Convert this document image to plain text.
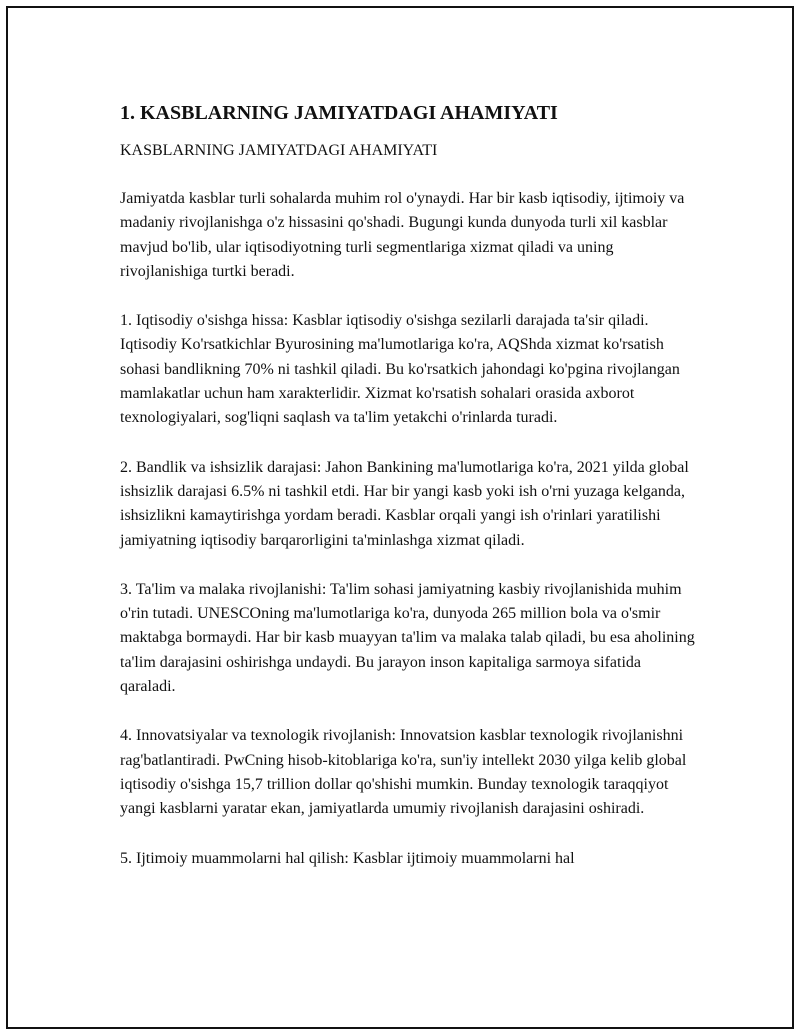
1. KASBLARNING JAMIYATDAGI AHAMIYATI

KASBLARNING JAMIYATDAGI AHAMIYATI

Jamiyatda kasblar turli sohalarda muhim rol o'ynaydi. Har bir kasb iqtisodiy, ijtimoiy va madaniy rivojlanishga o'z hissasini qo'shadi. Bugungi kunda dunyoda turli xil kasblar mavjud bo'lib, ular iqtisodiyotning turli segmentlariga xizmat qiladi va uning rivojlanishiga turtki beradi.

1. Iqtisodiy o'sishga hissa: Kasblar iqtisodiy o'sishga sezilarli darajada ta'sir qiladi. Iqtisodiy Ko'rsatkichlar Byurosining ma'lumotlariga ko'ra, AQShda xizmat ko'rsatish sohasi bandlikning 70% ni tashkil qiladi. Bu ko'rsatkich jahondagi ko'pgina rivojlangan mamlakatlar uchun ham xarakterlidir. Xizmat ko'rsatish sohalari orasida axborot texnologiyalari, sog'liqni saqlash va ta'lim yetakchi o'rinlarda turadi.

2. Bandlik va ishsizlik darajasi: Jahon Bankining ma'lumotlariga ko'ra, 2021 yilda global ishsizlik darajasi 6.5% ni tashkil etdi. Har bir yangi kasb yoki ish o'rni yuzaga kelganda, ishsizlikni kamaytirishga yordam beradi. Kasblar orqali yangi ish o'rinlari yaratilishi jamiyatning iqtisodiy barqarorligini ta'minlashga xizmat qiladi.

3. Ta'lim va malaka rivojlanishi: Ta'lim sohasi jamiyatning kasbiy rivojlanishida muhim o'rin tutadi. UNESCOning ma'lumotlariga ko'ra, dunyoda 265 million bola va o'smir maktabga bormaydi. Har bir kasb muayyan ta'lim va malaka talab qiladi, bu esa aholining ta'lim darajasini oshirishga undaydi. Bu jarayon inson kapitaliga sarmoya sifatida qaraladi.

4. Innovatsiyalar va texnologik rivojlanish: Innovatsion kasblar texnologik rivojlanishni rag'batlantiradi. PwCning hisob-kitoblariga ko'ra, sun'iy intellekt 2030 yilga kelib global iqtisodiy o'sishga 15,7 trillion dollar qo'shishi mumkin. Bunday texnologik taraqqiyot yangi kasblarni yaratar ekan, jamiyatlarda umumiy rivojlanish darajasini oshiradi.

5. Ijtimoiy muammolarni hal qilish: Kasblar ijtimoiy muammolarni hal
